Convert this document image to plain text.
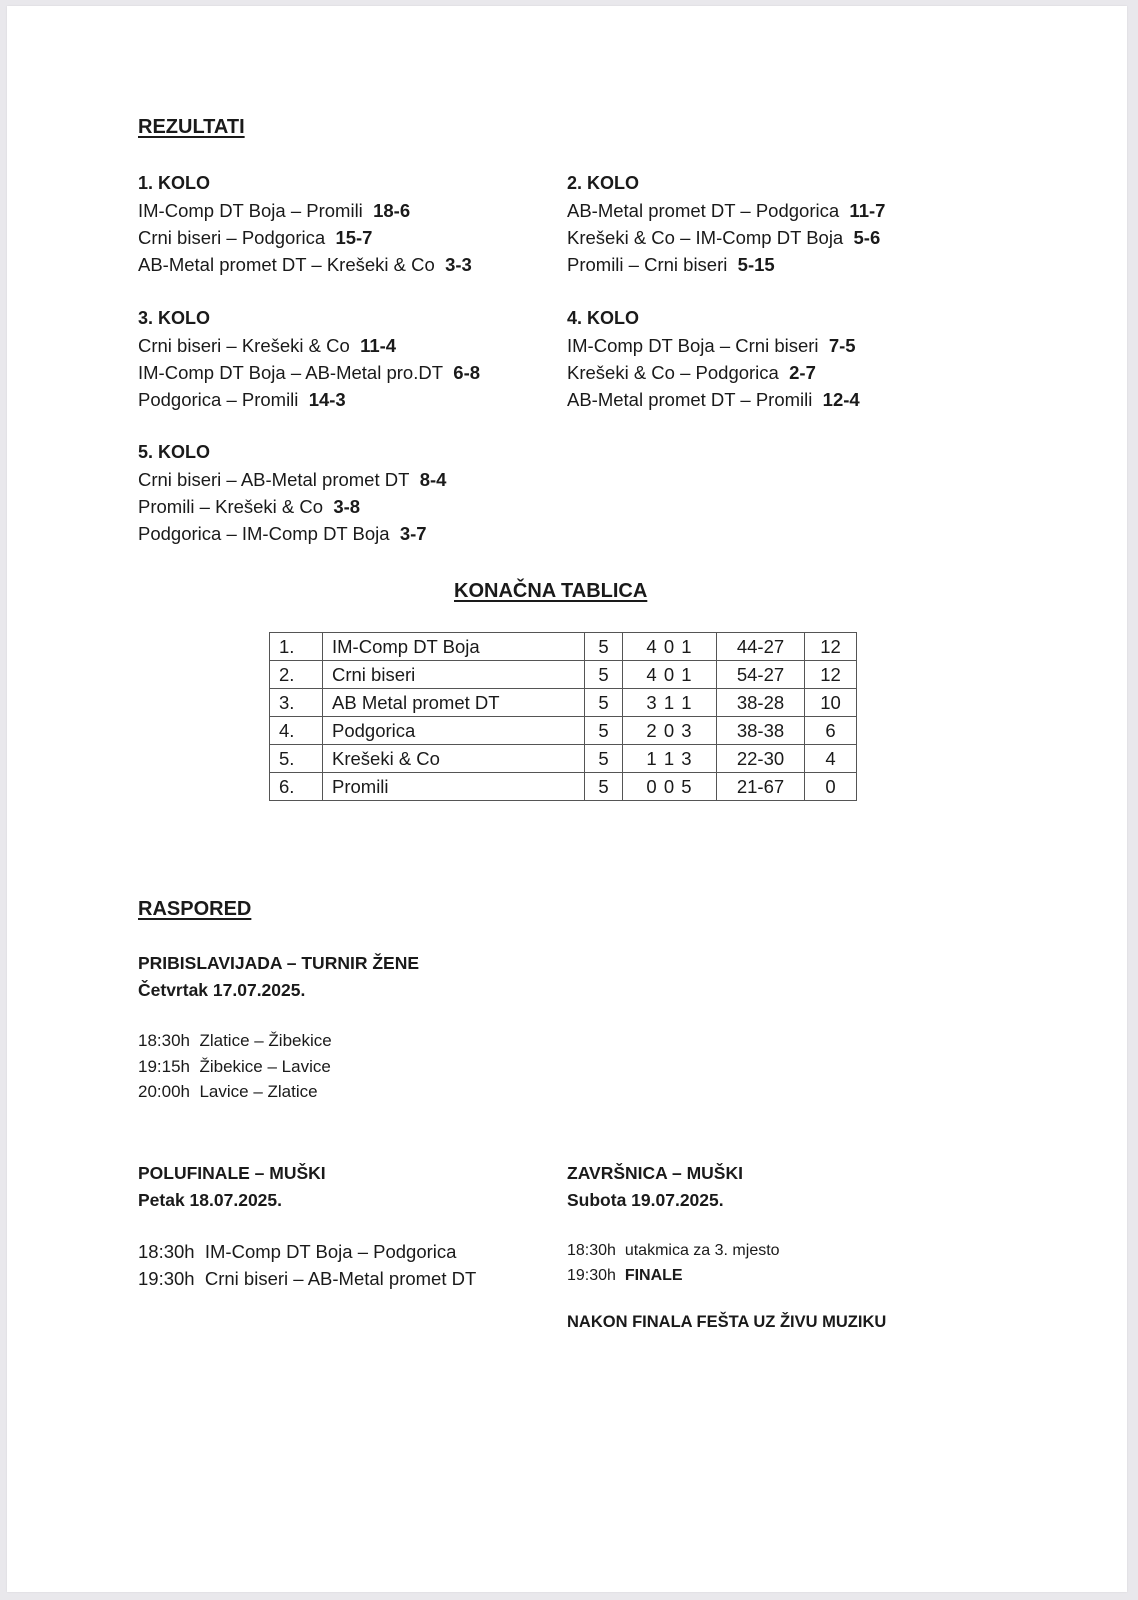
REZULTATI
1. KOLO
IM-Comp DT Boja – Promili 18-6
Crni biseri – Podgorica 15-7
AB-Metal promet DT – Krešeki & Co 3-3
2. KOLO
AB-Metal promet DT – Podgorica 11-7
Krešeki & Co – IM-Comp DT Boja 5-6
Promili – Crni biseri 5-15
3. KOLO
Crni biseri – Krešeki & Co 11-4
IM-Comp DT Boja – AB-Metal pro.DT 6-8
Podgorica – Promili 14-3
4. KOLO
IM-Comp DT Boja – Crni biseri 7-5
Krešeki & Co – Podgorica 2-7
AB-Metal promet DT – Promili 12-4
5. KOLO
Crni biseri – AB-Metal promet DT 8-4
Promili – Krešeki & Co 3-8
Podgorica – IM-Comp DT Boja 3-7
KONAČNA TABLICA
1.	IM-Comp DT Boja	5	4 0 1	44-27	12
2.	Crni biseri	5	4 0 1	54-27	12
3.	AB Metal promet DT	5	3 1 1	38-28	10
4.	Podgorica	5	2 0 3	38-38	6
5.	Krešeki & Co	5	1 1 3	22-30	4
6.	Promili	5	0 0 5	21-67	0
RASPORED
PRIBISLAVIJADA – TURNIR ŽENE
Četvrtak 17.07.2025.
18:30h Zlatice – Žibekice
19:15h Žibekice – Lavice
20:00h Lavice – Zlatice
POLUFINALE – MUŠKI
Petak 18.07.2025.
18:30h IM-Comp DT Boja – Podgorica
19:30h Crni biseri – AB-Metal promet DT
ZAVRŠNICA – MUŠKI
Subota 19.07.2025.
18:30h utakmica za 3. mjesto
19:30h FINALE
NAKON FINALA FEŠTA UZ ŽIVU MUZIKU
